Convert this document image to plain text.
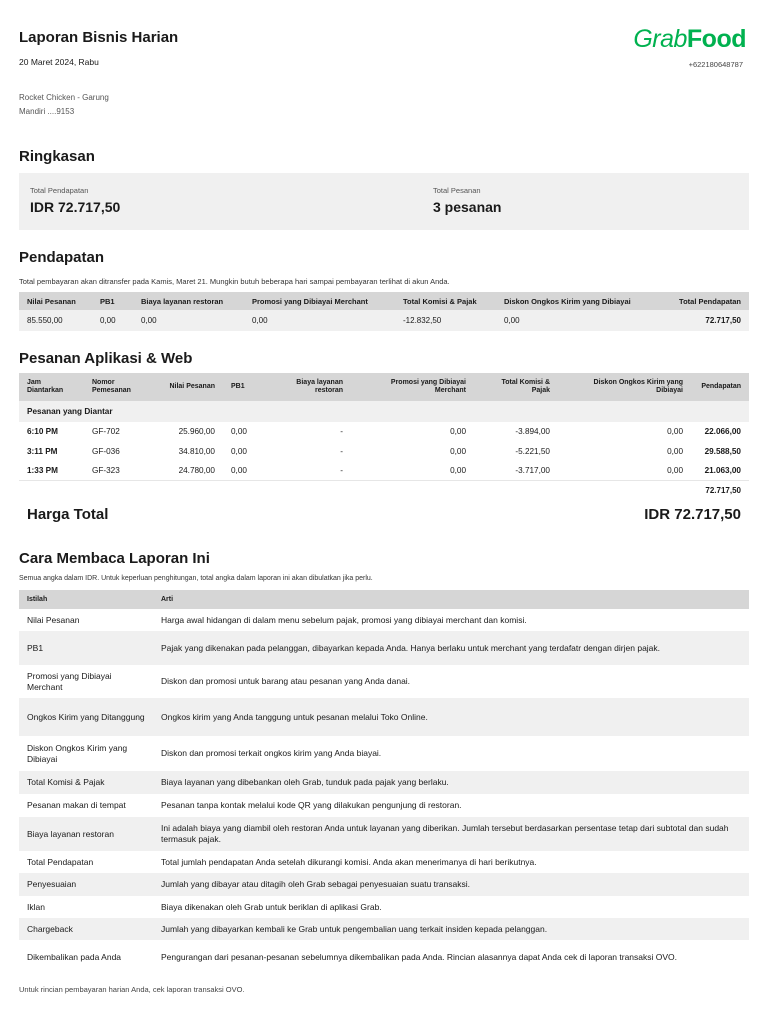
Laporan Bisnis Harian
20 Maret 2024, Rabu
Rocket Chicken - Garung
Mandiri ....9153
GrabFood
+622180648787
Ringkasan
Total Pendapatan
IDR 72.717,50
Total Pesanan
3 pesanan
Pendapatan
Total pembayaran akan ditransfer pada Kamis, Maret 21. Mungkin butuh beberapa hari sampai pembayaran terlihat di akun Anda.
Nilai Pesanan	PB1	Biaya layanan restoran	Promosi yang Dibiayai Merchant	Total Komisi & Pajak	Diskon Ongkos Kirim yang Dibiayai	Total Pendapatan
85.550,00	0,00	0,00	0,00	-12.832,50	0,00	72.717,50
Pesanan Aplikasi & Web
Jam Diantarkan	Nomor Pemesanan	Nilai Pesanan	PB1	Biaya layanan restoran	Promosi yang Dibiayai Merchant	Total Komisi & Pajak	Diskon Ongkos Kirim yang Dibiayai	Pendapatan
Pesanan yang Diantar								
6:10 PM	GF-702	25.960,00	0,00	-	0,00	-3.894,00	0,00	22.066,00
3:11 PM	GF-036	34.810,00	0,00	-	0,00	-5.221,50	0,00	29.588,50
1:33 PM	GF-323	24.780,00	0,00	-	0,00	-3.717,00	0,00	21.063,00
72.717,50
Harga Total	IDR 72.717,50
Cara Membaca Laporan Ini
Semua angka dalam IDR. Untuk keperluan penghitungan, total angka dalam laporan ini akan dibulatkan jika perlu.
Istilah	Arti
Nilai Pesanan	Harga awal hidangan di dalam menu sebelum pajak, promosi yang dibiayai merchant dan komisi.
PB1	Pajak yang dikenakan pada pelanggan, dibayarkan kepada Anda. Hanya berlaku untuk merchant yang terdafatr dengan dirjen pajak.
Promosi yang Dibiayai Merchant	Diskon dan promosi untuk barang atau pesanan yang Anda danai.
Ongkos Kirim yang Ditanggung	Ongkos kirim yang Anda tanggung untuk pesanan melalui Toko Online.
Diskon Ongkos Kirim yang Dibiayai	Diskon dan promosi terkait ongkos kirim yang Anda biayai.
Total Komisi & Pajak	Biaya layanan yang dibebankan oleh Grab, tunduk pada pajak yang berlaku.
Pesanan makan di tempat	Pesanan tanpa kontak melalui kode QR yang dilakukan pengunjung di restoran.
Biaya layanan restoran	Ini adalah biaya yang diambil oleh restoran Anda untuk layanan yang diberikan. Jumlah tersebut berdasarkan persentase tetap dari subtotal dan sudah termasuk pajak.
Total Pendapatan	Total jumlah pendapatan Anda setelah dikurangi komisi. Anda akan menerimanya di hari berikutnya.
Penyesuaian	Jumlah yang dibayar atau ditagih oleh Grab sebagai penyesuaian suatu transaksi.
Iklan	Biaya dikenakan oleh Grab untuk beriklan di aplikasi Grab.
Chargeback	Jumlah yang dibayarkan kembali ke Grab untuk pengembalian uang terkait insiden kepada pelanggan.
Dikembalikan pada Anda	Pengurangan dari pesanan-pesanan sebelumnya dikembalikan pada Anda. Rincian alasannya dapat Anda cek di laporan transaksi OVO.
Untuk rincian pembayaran harian Anda, cek laporan transaksi OVO.
